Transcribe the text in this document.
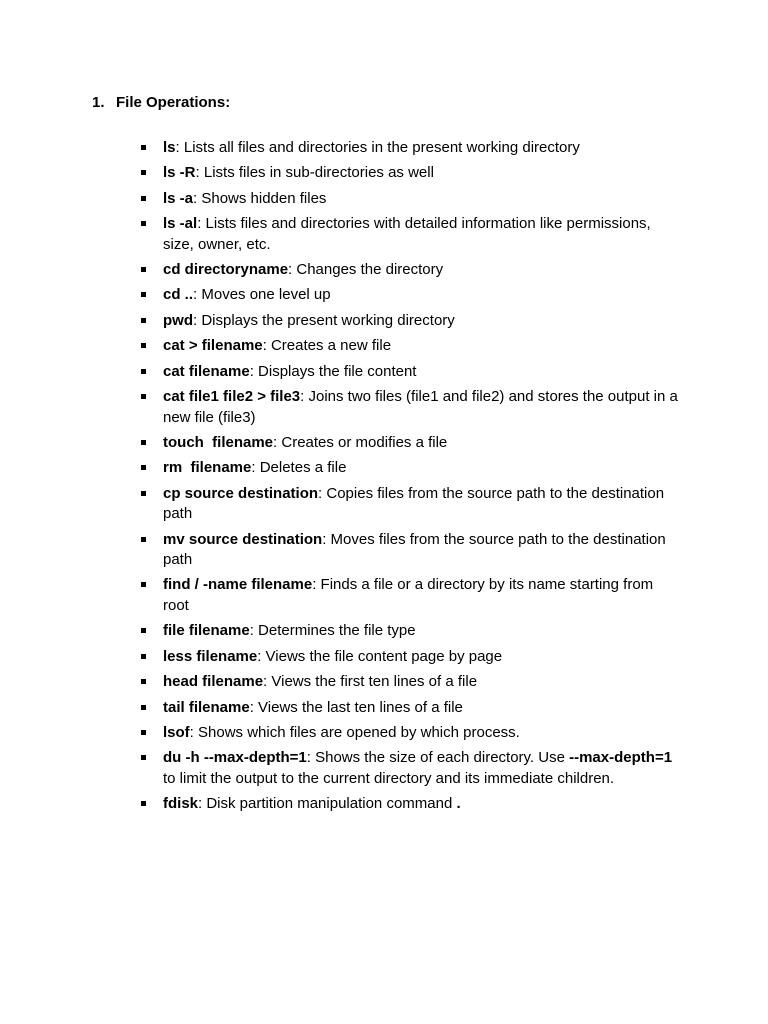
1. File Operations:
ls: Lists all files and directories in the present working directory
ls -R: Lists files in sub-directories as well
ls -a: Shows hidden files
ls -al: Lists files and directories with detailed information like permissions, size, owner, etc.
cd directoryname: Changes the directory
cd ..: Moves one level up
pwd: Displays the present working directory
cat > filename: Creates a new file
cat filename: Displays the file content
cat file1 file2 > file3: Joins two files (file1 and file2) and stores the output in a new file (file3)
touch  filename: Creates or modifies a file
rm  filename: Deletes a file
cp source destination: Copies files from the source path to the destination path
mv source destination: Moves files from the source path to the destination path
find / -name filename: Finds a file or a directory by its name starting from root
file filename: Determines the file type
less filename: Views the file content page by page
head filename: Views the first ten lines of a file
tail filename: Views the last ten lines of a file
lsof: Shows which files are opened by which process.
du -h --max-depth=1: Shows the size of each directory. Use --max-depth=1 to limit the output to the current directory and its immediate children.
fdisk: Disk partition manipulation command .
